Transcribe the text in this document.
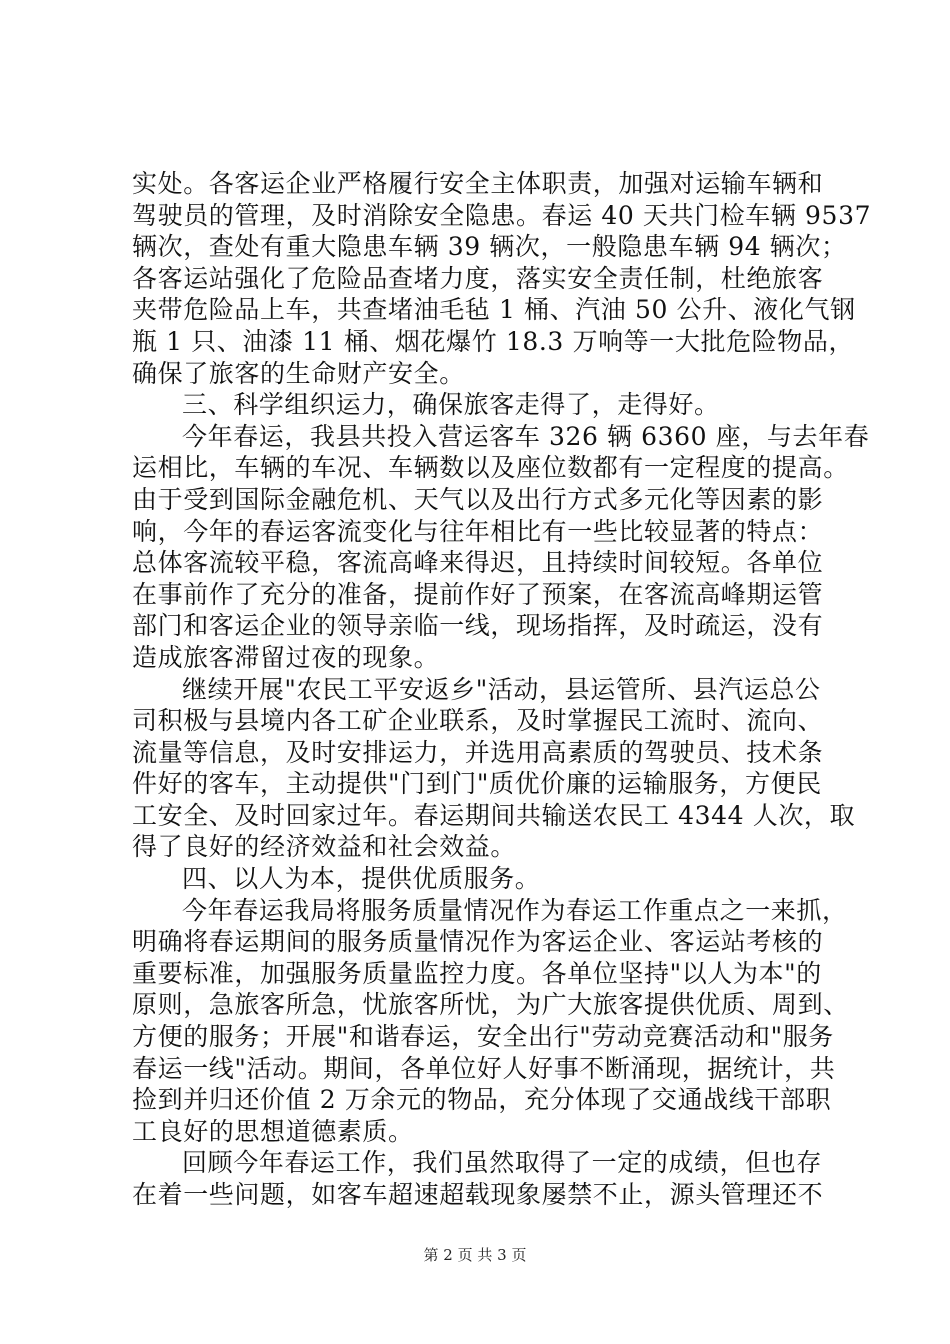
实处。各客运企业严格履行安全主体职责，加强对运输车辆和
驾驶员的管理，及时消除安全隐患。春运 40 天共门检车辆 9537
辆次，查处有重大隐患车辆 39 辆次，一般隐患车辆 94 辆次；
各客运站强化了危险品查堵力度，落实安全责任制，杜绝旅客
夹带危险品上车，共查堵油毛毡 1 桶、汽油 50 公升、液化气钢
瓶 1 只、油漆 11 桶、烟花爆竹 18.3 万响等一大批危险物品，
确保了旅客的生命财产安全。
三、科学组织运力，确保旅客走得了，走得好。
今年春运，我县共投入营运客车 326 辆 6360 座，与去年春
运相比，车辆的车况、车辆数以及座位数都有一定程度的提高。
由于受到国际金融危机、天气以及出行方式多元化等因素的影
响，今年的春运客流变化与往年相比有一些比较显著的特点：
总体客流较平稳，客流高峰来得迟，且持续时间较短。各单位
在事前作了充分的准备，提前作好了预案，在客流高峰期运管
部门和客运企业的领导亲临一线，现场指挥，及时疏运，没有
造成旅客滞留过夜的现象。
继续开展"农民工平安返乡"活动，县运管所、县汽运总公
司积极与县境内各工矿企业联系，及时掌握民工流时、流向、
流量等信息，及时安排运力，并选用高素质的驾驶员、技术条
件好的客车，主动提供"门到门"质优价廉的运输服务，方便民
工安全、及时回家过年。春运期间共输送农民工 4344 人次，取
得了良好的经济效益和社会效益。
四、以人为本，提供优质服务。
今年春运我局将服务质量情况作为春运工作重点之一来抓，
明确将春运期间的服务质量情况作为客运企业、客运站考核的
重要标准，加强服务质量监控力度。各单位坚持"以人为本"的
原则，急旅客所急，忧旅客所忧，为广大旅客提供优质、周到、
方便的服务；开展"和谐春运，安全出行"劳动竞赛活动和"服务
春运一线"活动。期间，各单位好人好事不断涌现，据统计，共
捡到并归还价值 2 万余元的物品，充分体现了交通战线干部职
工良好的思想道德素质。
回顾今年春运工作，我们虽然取得了一定的成绩，但也存
在着一些问题，如客车超速超载现象屡禁不止，源头管理还不
第 2 页 共 3 页
